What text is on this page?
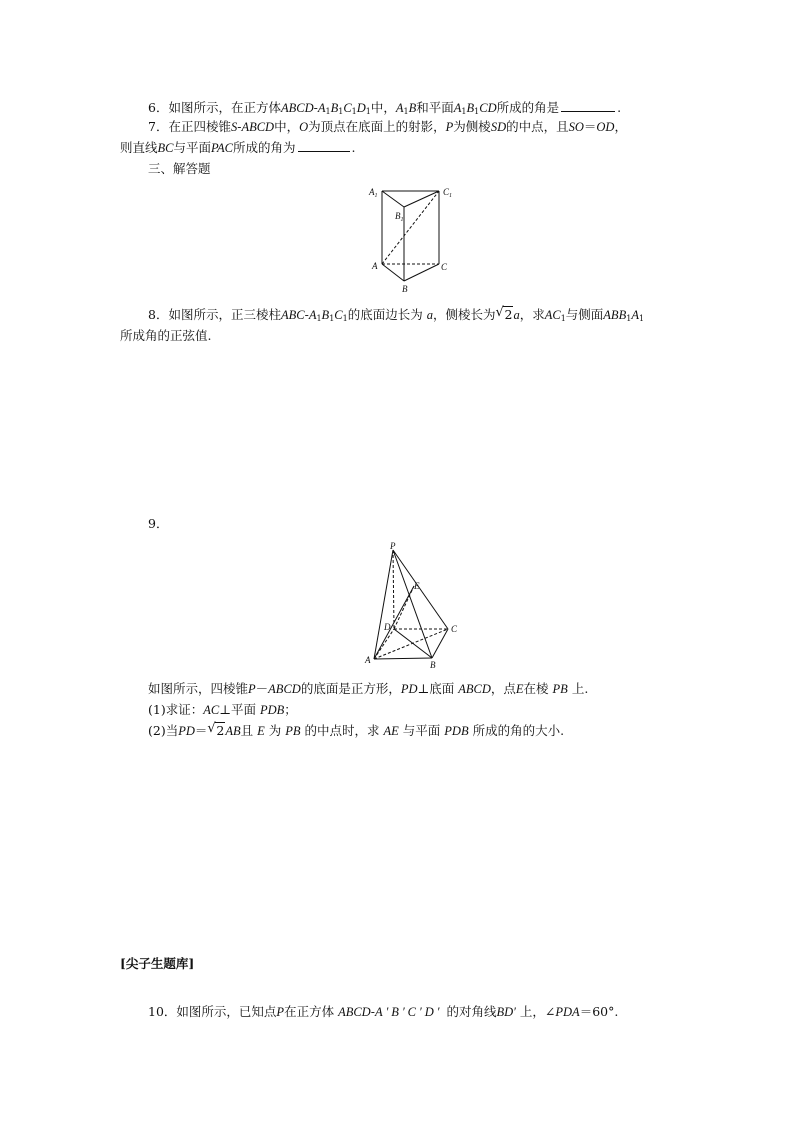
6．如图所示，在正方体ABCD-$A_1B_1C_1D_1$中，$A_1B$和平面$A_1B_1CD$所成的角是	.
7．在正四棱锥S-ABCD中，O为顶点在底面上的射影，P为侧棱SD的中点，且SO＝OD，
则直线BC与平面PAC所成的角为	.
三、解答题
$A_1$	$C_1$
$B_1$
A	C
B
8．如图所示，正三棱柱ABC-$A_1B_1C_1$的底面边长为 a，侧棱长为 √ 2a，求$AC_1$与侧面$ABB_1A_1$
所成角的正弦值.
9．
P
E
D	C
A	B
如图所示，四棱锥P－ABCD的底面是正方形，PD⊥底面 ABCD，点E在棱 PB 上.
(1)求证：AC⊥平面 PDB；
(2)当PD＝ √ 2AB且 E 为 PB 的中点时，求 AE 与平面 PDB 所成的角的大小.
[尖子生题库]
10．如图所示，已知点P在正方体 ABCD-A′B′C′D′ 的对角线BD′ 上，∠PDA＝60°.
